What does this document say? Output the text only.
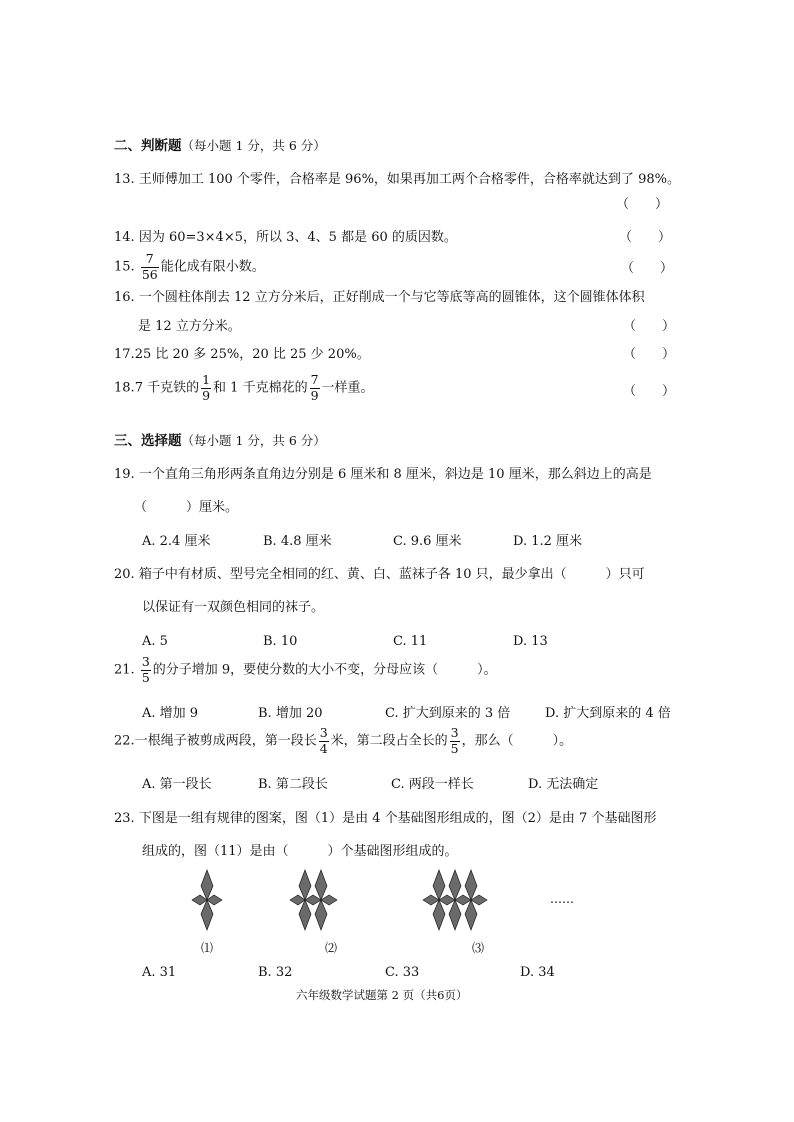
二、判断题（每小题 1 分，共 6 分）
13. 王师傅加工 100 个零件，合格率是 96%，如果再加工两个合格零件，合格率就达到了 98%。
（　　）
14. 因为 60=3×4×5，所以 3、4、5 都是 60 的质因数。	（　　）
15. $\frac{7}{56}$ 能化成有限小数。	（　　）
16. 一个圆柱体削去 12 立方分米后，正好削成一个与它等底等高的圆锥体，这个圆锥体体积
是 12 立方分米。	（　　）
17.25 比 20 多 25%，20 比 25 少 20%。	（　　）
18.7 千克铁的 $\frac{1}{9}$ 和 1 千克棉花的 $\frac{7}{9}$ 一样重。	（　　）
三、选择题（每小题 1 分，共 6 分）
19. 一个直角三角形两条直角边分别是 6 厘米和 8 厘米，斜边是 10 厘米，那么斜边上的高是
（　　　）厘米。
A. 2.4 厘米	B. 4.8 厘米	C. 9.6 厘米	D. 1.2 厘米
20. 箱子中有材质、型号完全相同的红、黄、白、蓝袜子各 10 只，最少拿出（　　　）只可
以保证有一双颜色相同的袜子。
A. 5	B. 10	C. 11	D. 13
21. $\frac{3}{5}$ 的分子增加 9，要使分数的大小不变，分母应该（　　　）。
A. 增加 9	B. 增加 20	C. 扩大到原来的 3 倍	D. 扩大到原来的 4 倍
22.一根绳子被剪成两段，第一段长 $\frac{3}{4}$ 米，第二段占全长的 $\frac{3}{5}$ ，那么（　　　）。
A. 第一段长	B. 第二段长	C. 两段一样长	D. 无法确定
23. 下图是一组有规律的图案，图（1）是由 4 个基础图形组成的，图（2）是由 7 个基础图形
组成的，图（11）是由（　　　）个基础图形组成的。
……
⑴	⑵	⑶
A. 31	B. 32	C. 33	D. 34
六年级数学试题第 2 页（共6页）
